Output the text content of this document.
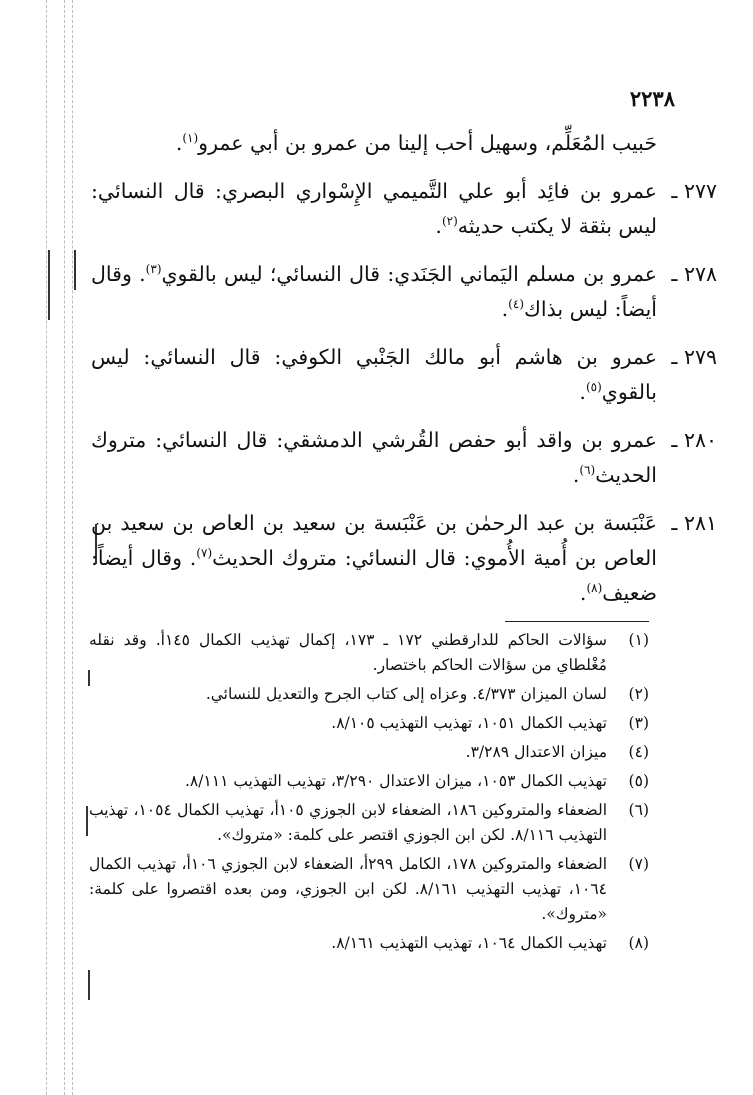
٢٢٣٨
حَبيب المُعَلِّم، وسهيل أحب إلينا من عمرو بن أبي عمرو$^{(١)}$.
٢٧٧ ـ
عمرو بن فائِد أبو علي التَّميمي الإِسْواري البصري: قال النسائي: ليس بثقة لا يكتب حديثه$^{(٢)}$.
٢٧٨ ـ
عمرو بن مسلم اليَماني الجَنَدي: قال النسائي؛ ليس بالقوي$^{(٣)}$. وقال أيضاً: ليس بذاك$^{(٤)}$.
٢٧٩ ـ
عمرو بن هاشم أبو مالك الجَنْبي الكوفي: قال النسائي: ليس بالقوي$^{(٥)}$.
٢٨٠ ـ
عمرو بن واقد أبو حفص القُرشي الدمشقي: قال النسائي: متروك الحديث$^{(٦)}$.
٢٨١ ـ
عَنْبَسة بن عبد الرحمٰن بن عَنْبَسة بن سعيد بن العاص بن سعيد بن العاص بن أُمية الأُموي: قال النسائي: متروك الحديث$^{(٧)}$. وقال أيضاً: ضعيف$^{(٨)}$.
(١)
سؤالات الحاكم للدارقطني ١٧٢ ـ ١٧٣، إكمال تهذيب الكمال ١٤٥أ. وقد نقله مُغْلطاي من سؤالات الحاكم باختصار.
(٢)
لسان الميزان ٤/٣٧٣. وعزاه إلى كتاب الجرح والتعديل للنسائي.
(٣)
تهذيب الكمال ١٠٥١، تهذيب التهذيب ٨/١٠٥.
(٤)
ميزان الاعتدال ٣/٢٨٩.
(٥)
تهذيب الكمال ١٠٥٣، ميزان الاعتدال ٣/٢٩٠، تهذيب التهذيب ٨/١١١.
(٦)
الضعفاء والمتروكين ١٨٦، الضعفاء لابن الجوزي ١٠٥أ، تهذيب الكمال ١٠٥٤، تهذيب التهذيب ٨/١١٦. لكن ابن الجوزي اقتصر على كلمة: «متروك».
(٧)
الضعفاء والمتروكين ١٧٨، الكامل ٢٩٩أ، الضعفاء لابن الجوزي ١٠٦أ، تهذيب الكمال ١٠٦٤، تهذيب التهذيب ٨/١٦١. لكن ابن الجوزي، ومن بعده اقتصروا على كلمة: «متروك».
(٨)
تهذيب الكمال ١٠٦٤، تهذيب التهذيب ٨/١٦١.
